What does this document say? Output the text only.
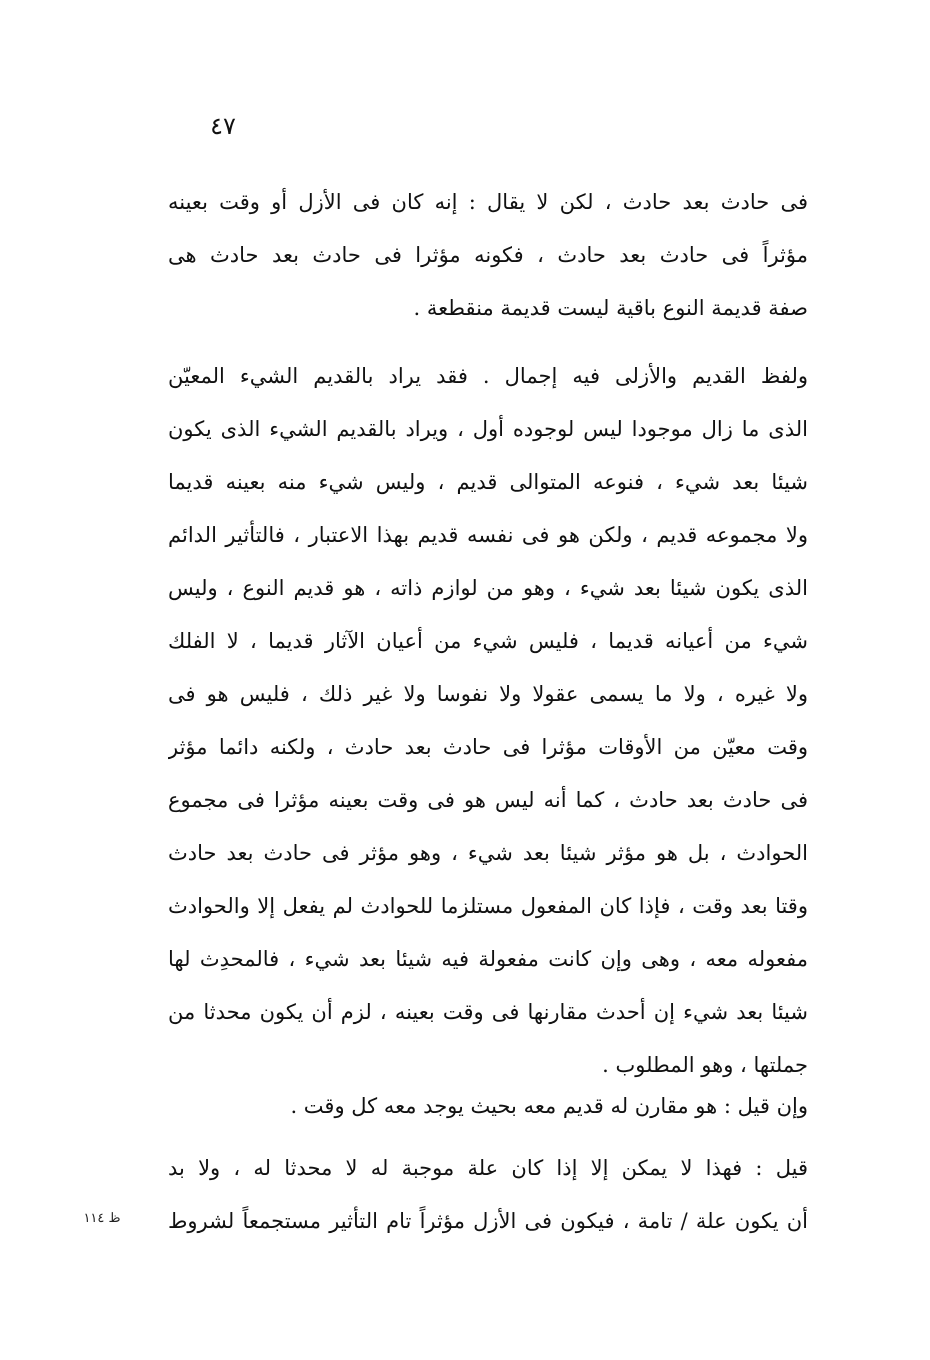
٤٧
فى حادث بعد حادث ، لكن لا يقال : إنه كان فى الأزل أو وقت بعينه
مؤثراً فى حادث بعد حادث ، فكونه مؤثرا فى حادث بعد حادث هى
صفة قديمة النوع باقية ليست قديمة منقطعة .
ولفظ القديم والأزلى فيه إجمال . فقد يراد بالقديم الشيء المعيّن
الذى ما زال موجودا ليس لوجوده أول ، ويراد بالقديم الشيء الذى يكون
شيئا بعد شيء ، فنوعه المتوالى قديم ، وليس شيء منه بعينه قديما
ولا مجموعه قديم ، ولكن هو فى نفسه قديم بهذا الاعتبار ، فالتأثير الدائم
الذى يكون شيئا بعد شيء ، وهو من لوازم ذاته ، هو قديم النوع ، وليس
شيء من أعيانه قديما ، فليس شيء من أعيان الآثار قديما ، لا الفلك
ولا غيره ، ولا ما يسمى عقولا ولا نفوسا ولا غير ذلك ، فليس هو فى
وقت معيّن من الأوقات مؤثرا فى حادث بعد حادث ، ولكنه دائما مؤثر
فى حادث بعد حادث ، كما أنه ليس هو فى وقت بعينه مؤثرا فى مجموع
الحوادث ، بل هو مؤثر شيئا بعد شيء ، وهو مؤثر فى حادث بعد حادث
وقتا بعد وقت ، فإذا كان المفعول مستلزما للحوادث لم يفعل إلا والحوادث
مفعوله معه ، وهى وإن كانت مفعولة فيه شيئا بعد شيء ، فالمحدِث لها
شيئا بعد شيء إن أحدث مقارنها فى وقت بعينه ، لزم أن يكون محدثا من
جملتها ، وهو المطلوب .
وإن قيل : هو مقارن له قديم معه بحيث يوجد معه كل وقت .
قيل : فهذا لا يمكن إلا إذا كان علة موجبة له لا محدثا له ، ولا بد
أن يكون علة / تامة ، فيكون فى الأزل مؤثراً تام التأثير مستجمعاً لشروط
ظ ١١٤
